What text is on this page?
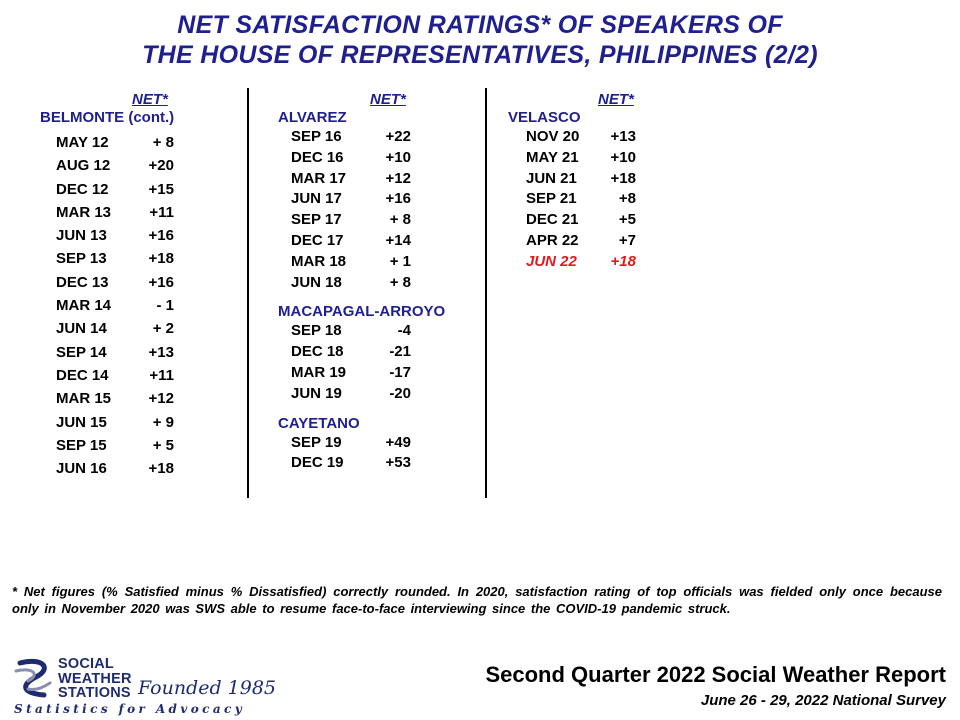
NET SATISFACTION RATINGS* OF SPEAKERS OF
THE HOUSE OF REPRESENTATIVES, PHILIPPINES (2/2)
NET*
BELMONTE (cont.)
MAY 12	+ 8
AUG 12	+20
DEC 12	+15
MAR 13	+11
JUN 13	+16
SEP 13	+18
DEC 13	+16
MAR 14	- 1
JUN 14	+ 2
SEP 14	+13
DEC 14	+11
MAR 15	+12
JUN 15	+ 9
SEP 15	+ 5
JUN 16	+18
NET*
ALVAREZ
SEP 16	+22
DEC 16	+10
MAR 17	+12
JUN 17	+16
SEP 17	+ 8
DEC 17	+14
MAR 18	+ 1
JUN 18	+ 8
MACAPAGAL-ARROYO
SEP 18	-4
DEC 18	-21
MAR 19	-17
JUN 19	-20
CAYETANO
SEP 19	+49
DEC 19	+53
NET*
VELASCO
NOV 20	+13
MAY 21	+10
JUN 21	+18
SEP 21	+8
DEC 21	+5
APR 22	+7
JUN 22	+18
* Net figures (% Satisfied minus % Dissatisfied) correctly rounded. In 2020, satisfaction rating of top officials was fielded only once because only in November 2020 was SWS able to resume face-to-face interviewing since the COVID-19 pandemic struck.
SOCIAL
WEATHER
STATIONS Founded 1985
Statistics for Advocacy
Second Quarter 2022 Social Weather Report
June 26 - 29, 2022 National Survey
